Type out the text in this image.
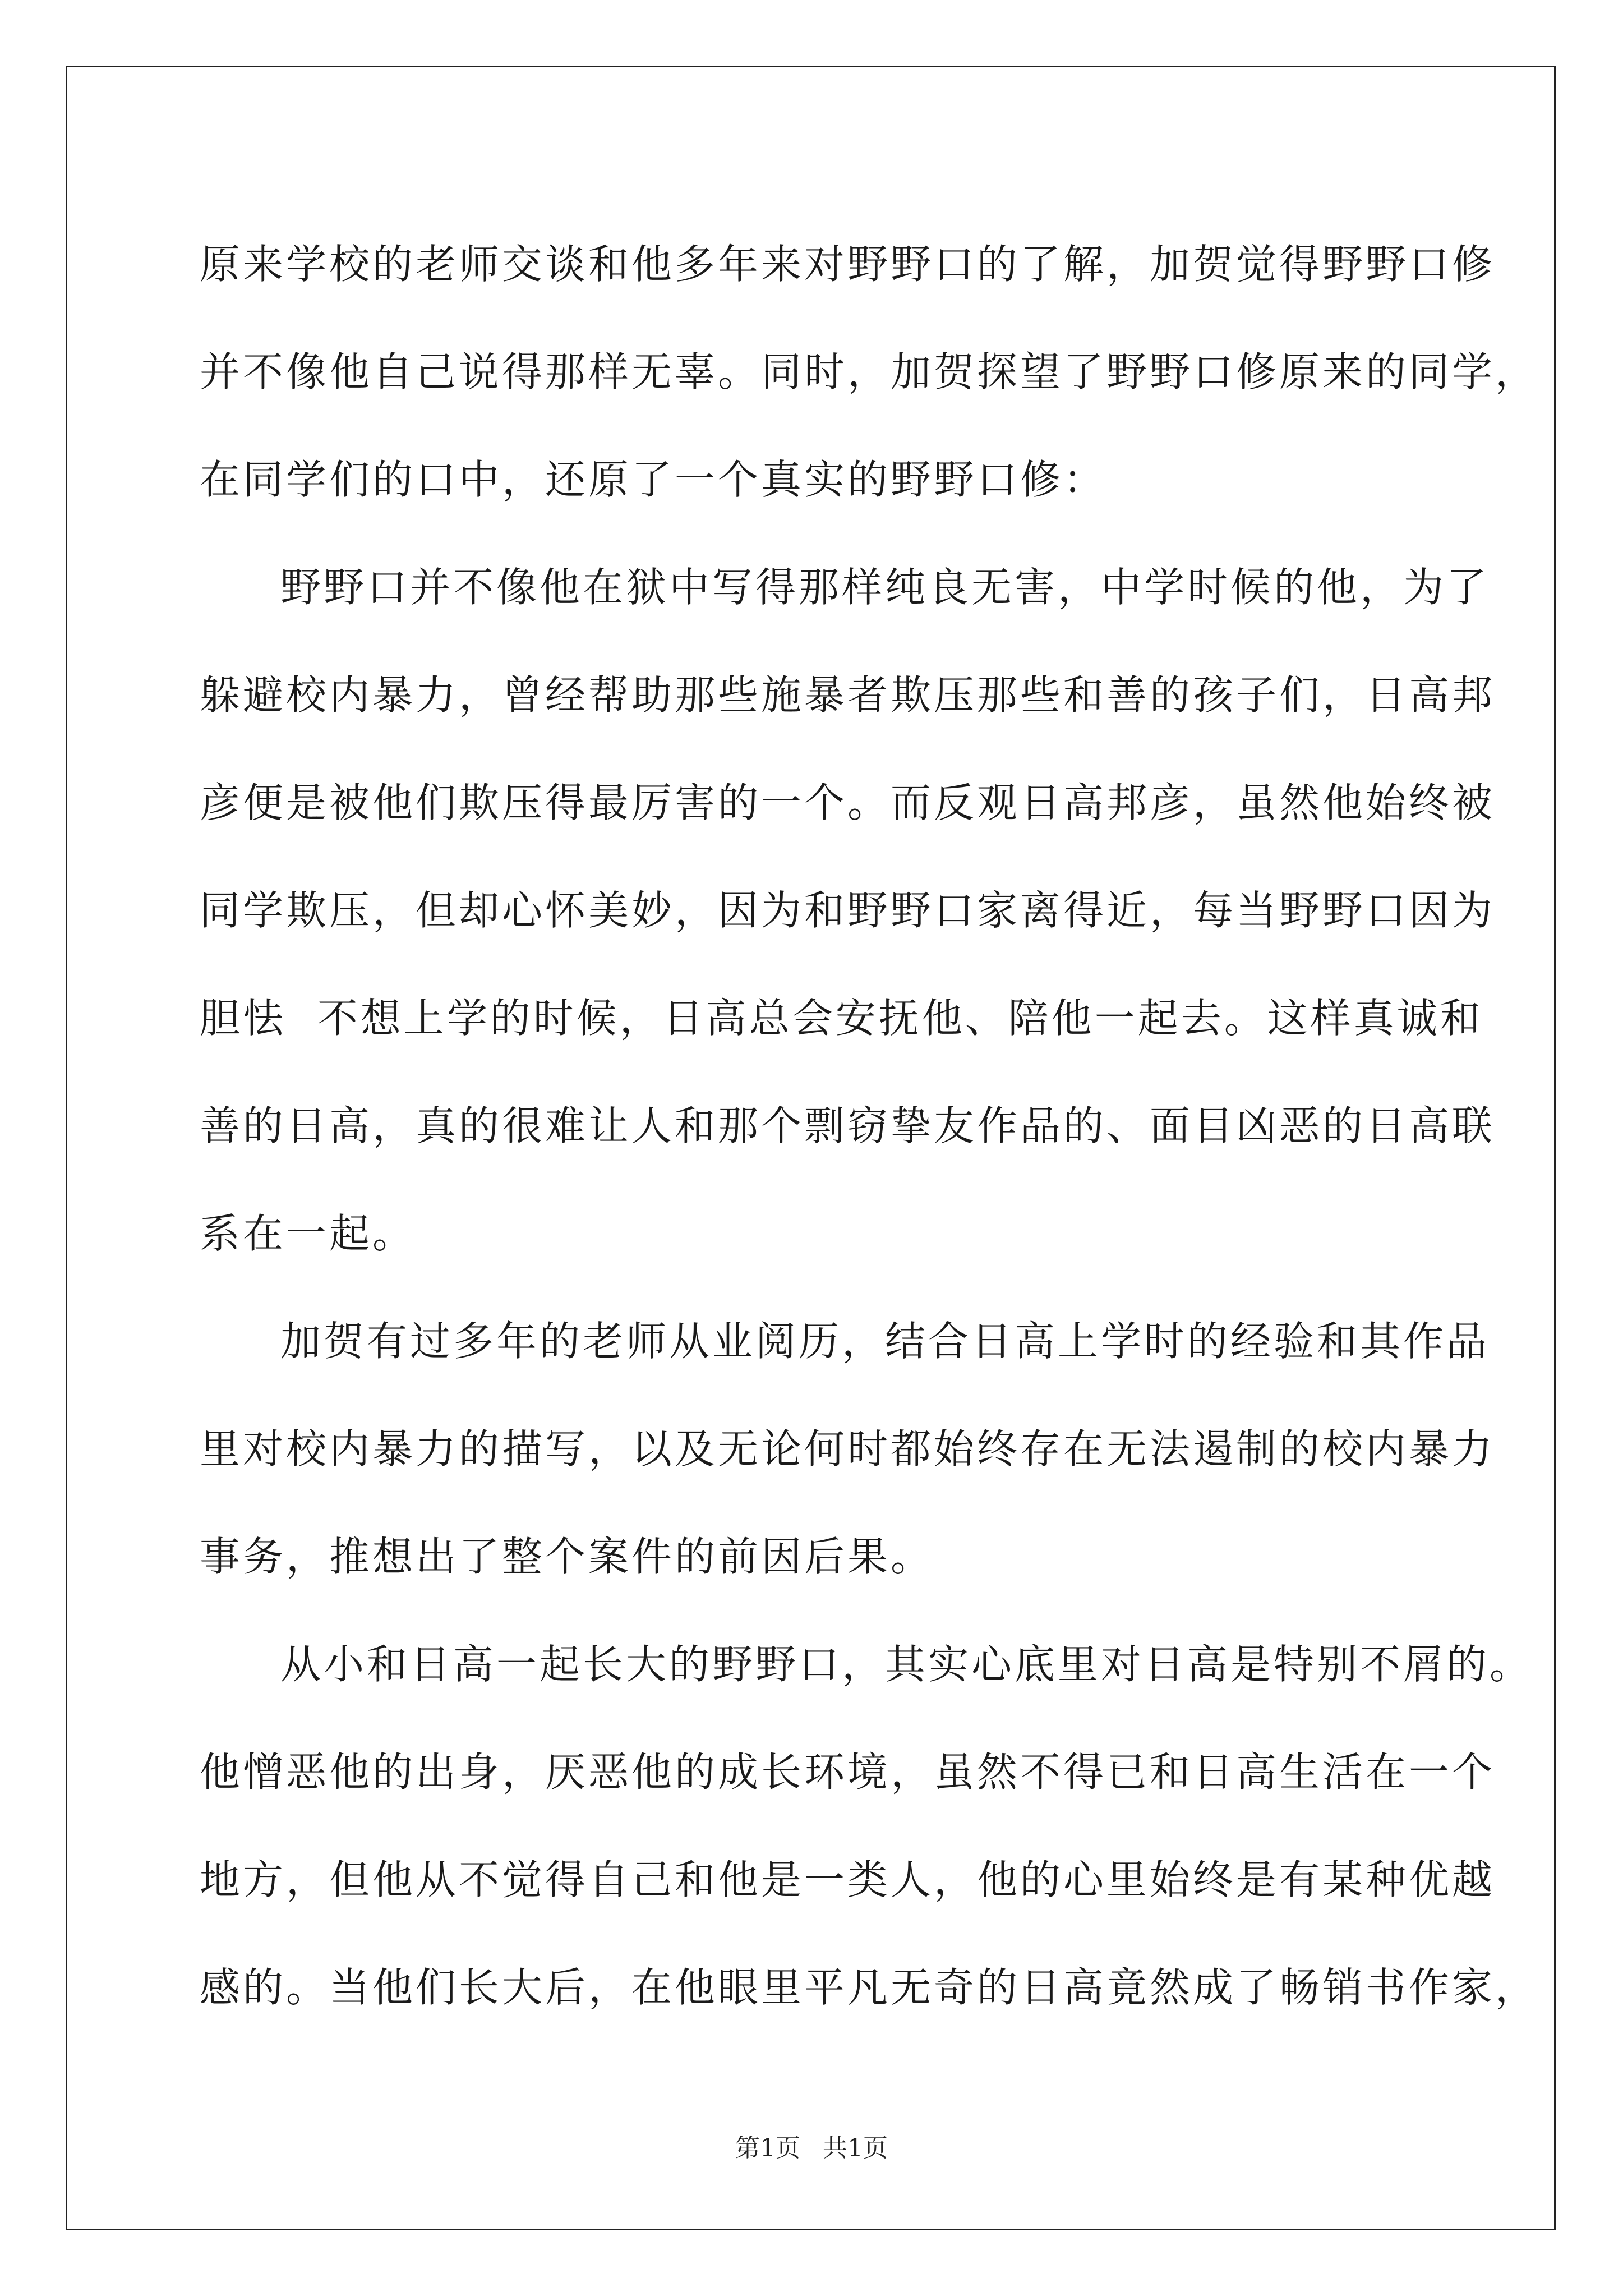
原来学校的老师交谈和他多年来对野野口的了解，加贺觉得野野口修
并不像他自己说得那样无辜。同时，加贺探望了野野口修原来的同学，
在同学们的口中，还原了一个真实的野野口修：
野野口并不像他在狱中写得那样纯良无害，中学时候的他，为了
躲避校内暴力，曾经帮助那些施暴者欺压那些和善的孩子们，日高邦
彦便是被他们欺压得最厉害的一个。而反观日高邦彦，虽然他始终被
同学欺压，但却心怀美妙，因为和野野口家离得近，每当野野口因为
胆怯  不想上学的时候，日高总会安抚他、陪他一起去。这样真诚和
善的日高，真的很难让人和那个剽窃挚友作品的、面目凶恶的日高联
系在一起。
加贺有过多年的老师从业阅历，结合日高上学时的经验和其作品
里对校内暴力的描写，以及无论何时都始终存在无法遏制的校内暴力
事务，推想出了整个案件的前因后果。
从小和日高一起长大的野野口，其实心底里对日高是特别不屑的。
他憎恶他的出身，厌恶他的成长环境，虽然不得已和日高生活在一个
地方，但他从不觉得自己和他是一类人，他的心里始终是有某种优越
感的。当他们长大后，在他眼里平凡无奇的日高竟然成了畅销书作家，
第1页 共1页
